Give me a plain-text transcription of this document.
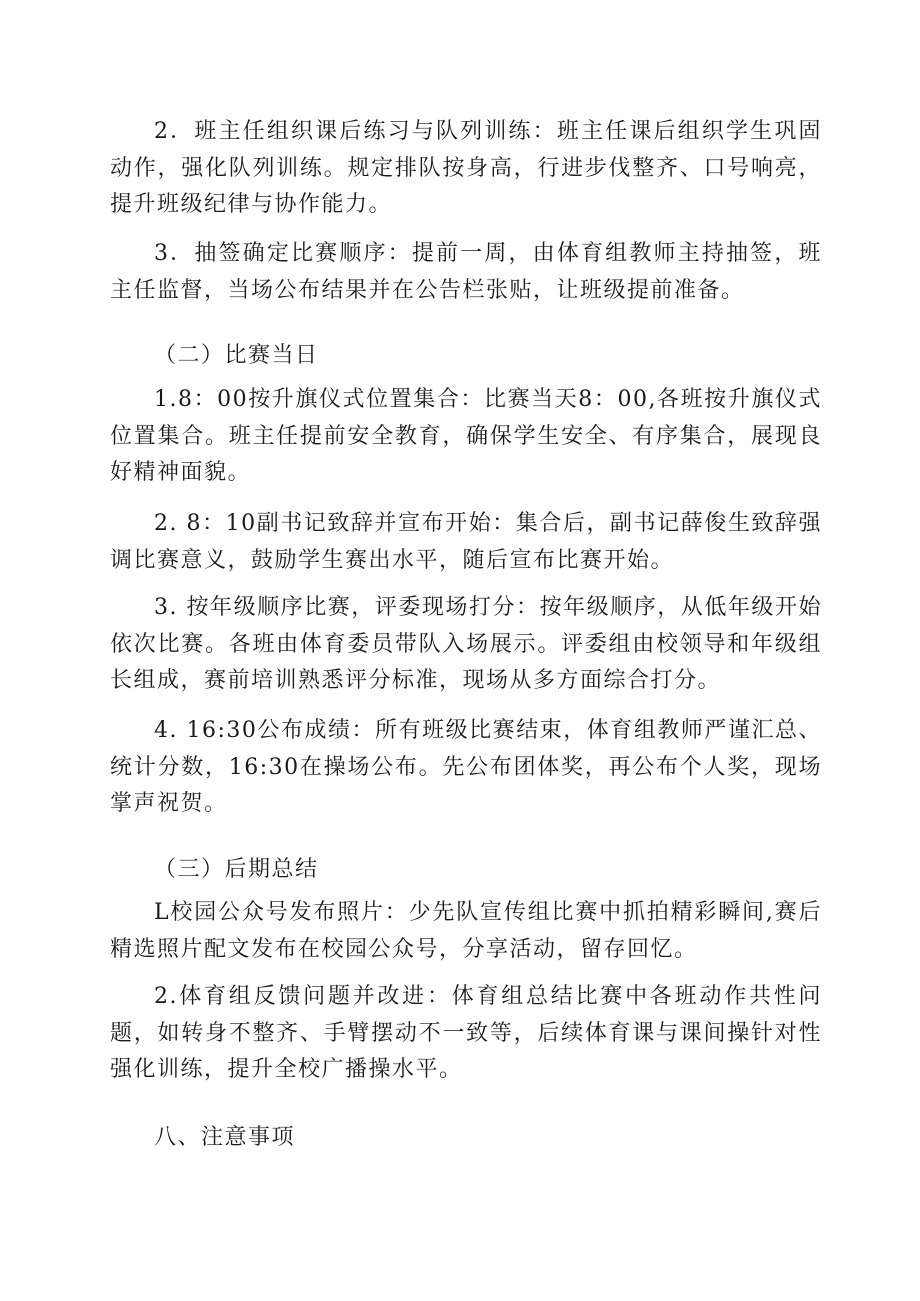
2．班主任组织课后练习与队列训练：班主任课后组织学生巩固动作，强化队列训练。规定排队按身高，行进步伐整齐、口号响亮，提升班级纪律与协作能力。

3．抽签确定比赛顺序：提前一周，由体育组教师主持抽签，班主任监督，当场公布结果并在公告栏张贴，让班级提前准备。

（二）比赛当日

1.8：00按升旗仪式位置集合：比赛当天8：00,各班按升旗仪式位置集合。班主任提前安全教育，确保学生安全、有序集合，展现良好精神面貌。

2. 8：10副书记致辞并宣布开始：集合后，副书记薛俊生致辞强调比赛意义，鼓励学生赛出水平，随后宣布比赛开始。

3. 按年级顺序比赛，评委现场打分：按年级顺序，从低年级开始依次比赛。各班由体育委员带队入场展示。评委组由校领导和年级组长组成，赛前培训熟悉评分标准，现场从多方面综合打分。

4. 16:30公布成绩：所有班级比赛结束，体育组教师严谨汇总、统计分数，16:30在操场公布。先公布团体奖，再公布个人奖，现场掌声祝贺。

（三）后期总结

L校园公众号发布照片：少先队宣传组比赛中抓拍精彩瞬间,赛后精选照片配文发布在校园公众号，分享活动，留存回忆。

2.体育组反馈问题并改进：体育组总结比赛中各班动作共性问题，如转身不整齐、手臂摆动不一致等，后续体育课与课间操针对性强化训练，提升全校广播操水平。

八、注意事项
